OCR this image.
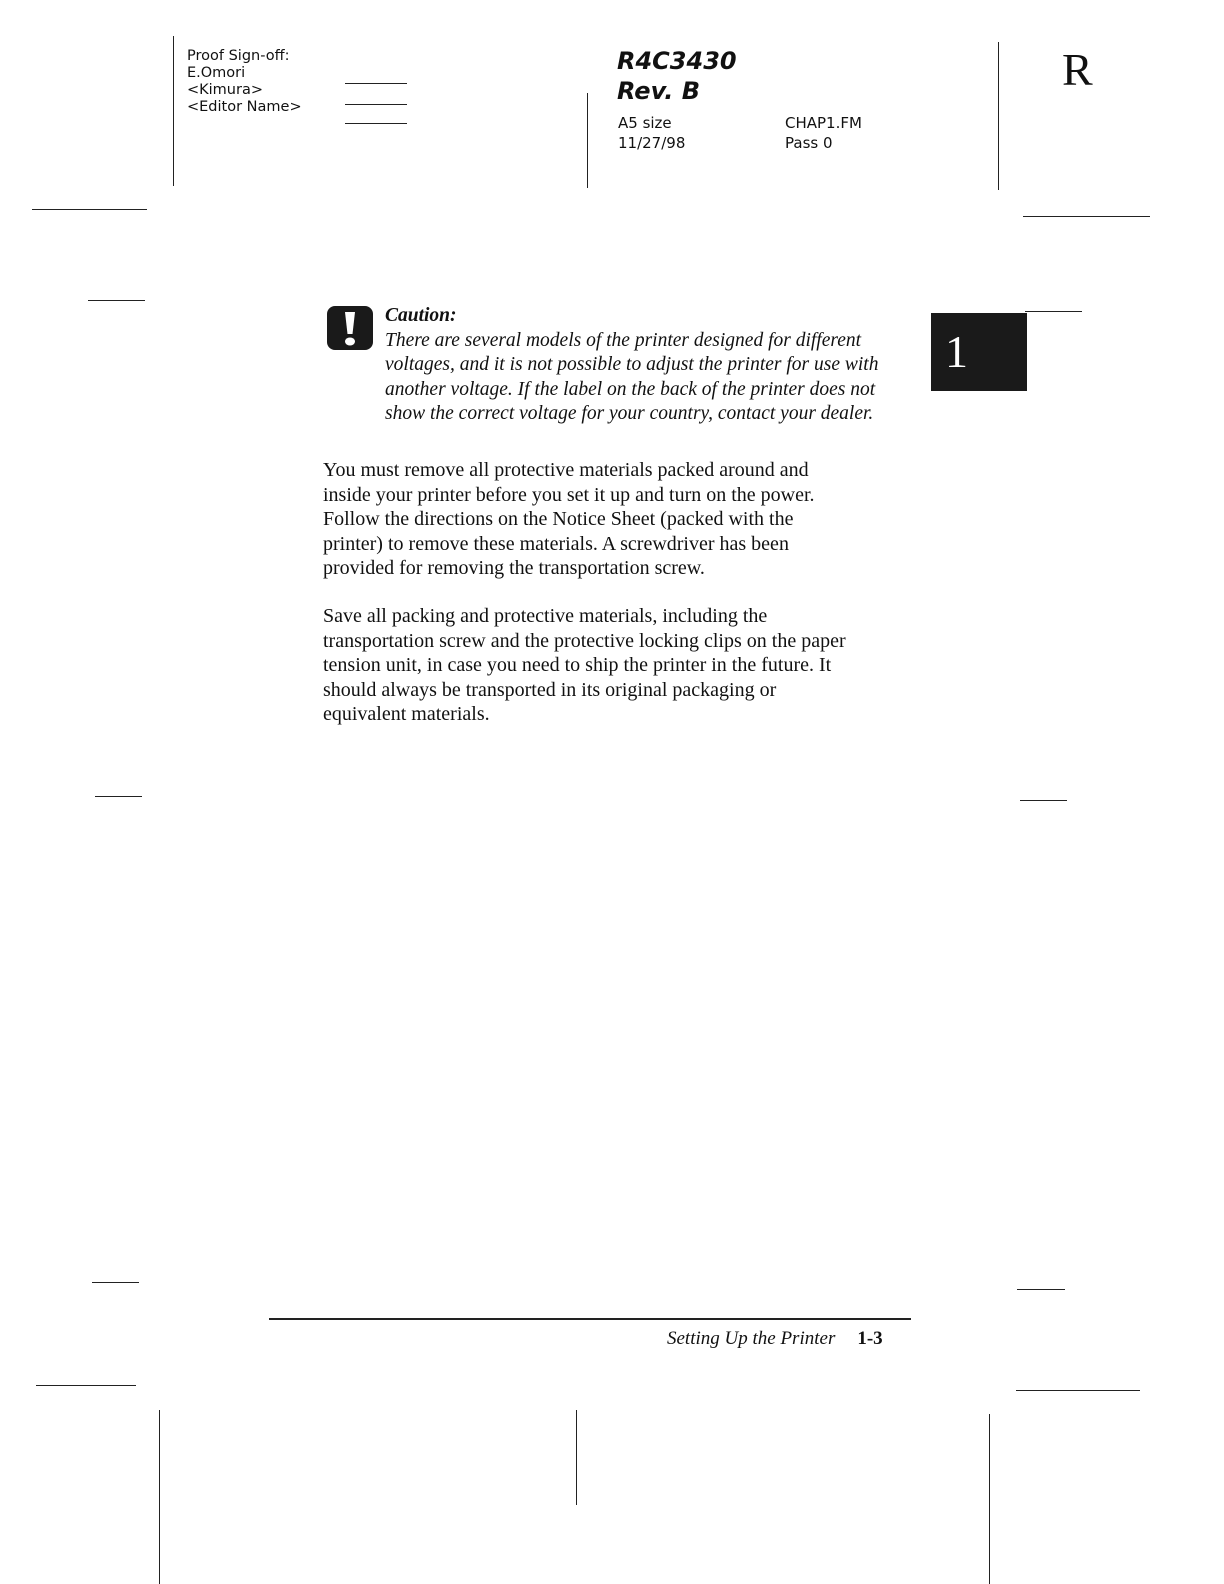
Proof Sign-off:
E.Omori
<Kimura>
<Editor Name>
R4C3430
Rev. B
A5 size
11/27/98
CHAP1.FM
Pass 0
R
1
Caution:
There are several models of the printer designed for different
voltages, and it is not possible to adjust the printer for use with
another voltage. If the label on the back of the printer does not
show the correct voltage for your country, contact your dealer.
You must remove all protective materials packed around and
inside your printer before you set it up and turn on the power.
Follow the directions on the Notice Sheet (packed with the
printer) to remove these materials. A screwdriver has been
provided for removing the transportation screw.
Save all packing and protective materials, including the
transportation screw and the protective locking clips on the paper
tension unit, in case you need to ship the printer in the future. It
should always be transported in its original packaging or
equivalent materials.
Setting Up the Printer 1-3
